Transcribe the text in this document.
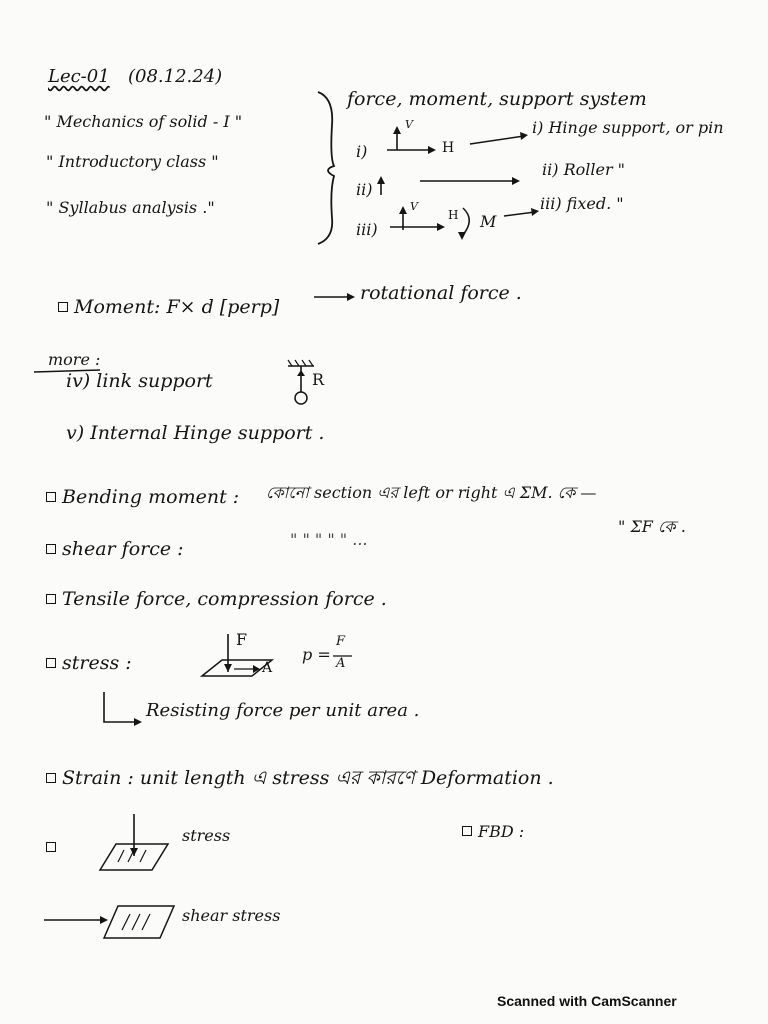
Lec-01 (08.12.24)
" Mechanics of solid - I "
" Introductory class "
" Syllabus analysis ."
force, moment, support system
i)
V
H
i) Hinge support, or pin
ii)
ii) Roller "
iii)
V
H M
iii) fixed. "
Moment: F× d [perp]
rotational force .
more :
iv) link support	R
v) Internal Hinge support .
Bending moment : কোনো section এর left or right এ ΣM. কে —
shear force :	" " " " " ...
" ΣF কে .
Tensile force, compression force .
stress :
F
A
p =
F
A
Resisting force per unit area .
Strain : unit length এ stress এর কারণে Deformation .
stress	FBD :
shear stress
Scanned with CamScanner
